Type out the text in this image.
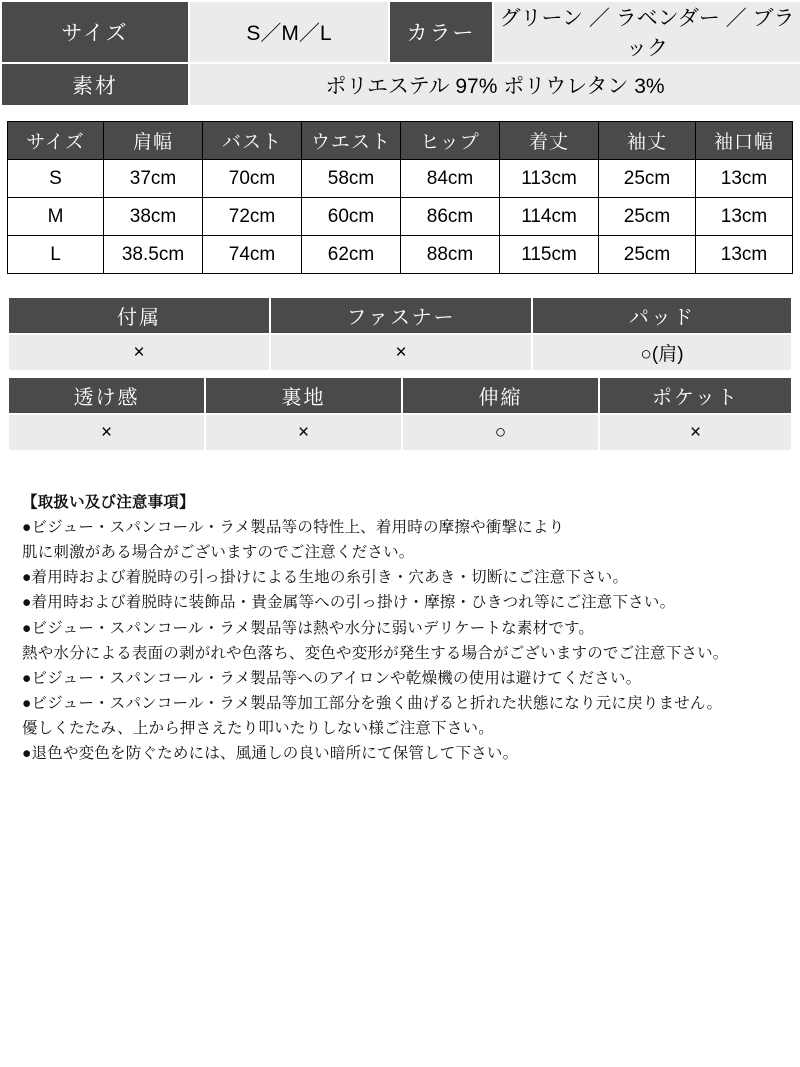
サイズ	S／M／L	カラー	グリーン ／ ラベンダー ／ ブラック
素材	ポリエステル 97% ポリウレタン 3%		
サイズ	肩幅	バスト	ウエスト	ヒップ	着丈	袖丈	袖口幅
S	37cm	70cm	58cm	84cm	113cm	25cm	13cm
M	38cm	72cm	60cm	86cm	114cm	25cm	13cm
L	38.5cm	74cm	62cm	88cm	115cm	25cm	13cm
付属	ファスナー	パッド
×	×	○(肩)
透け感	裏地	伸縮	ポケット
×	×	○	×
【取扱い及び注意事項】
●ビジュー・スパンコール・ラメ製品等の特性上、着用時の摩擦や衝撃により
肌に刺激がある場合がございますのでご注意ください。
●着用時および着脱時の引っ掛けによる生地の糸引き・穴あき・切断にご注意下さい。
●着用時および着脱時に装飾品・貴金属等への引っ掛け・摩擦・ひきつれ等にご注意下さい。
●ビジュー・スパンコール・ラメ製品等は熱や水分に弱いデリケートな素材です。
熱や水分による表面の剥がれや色落ち、変色や変形が発生する場合がございますのでご注意下さい。
●ビジュー・スパンコール・ラメ製品等へのアイロンや乾燥機の使用は避けてください。
●ビジュー・スパンコール・ラメ製品等加工部分を強く曲げると折れた状態になり元に戻りません。
優しくたたみ、上から押さえたり叩いたりしない様ご注意下さい。
●退色や変色を防ぐためには、風通しの良い暗所にて保管して下さい。
